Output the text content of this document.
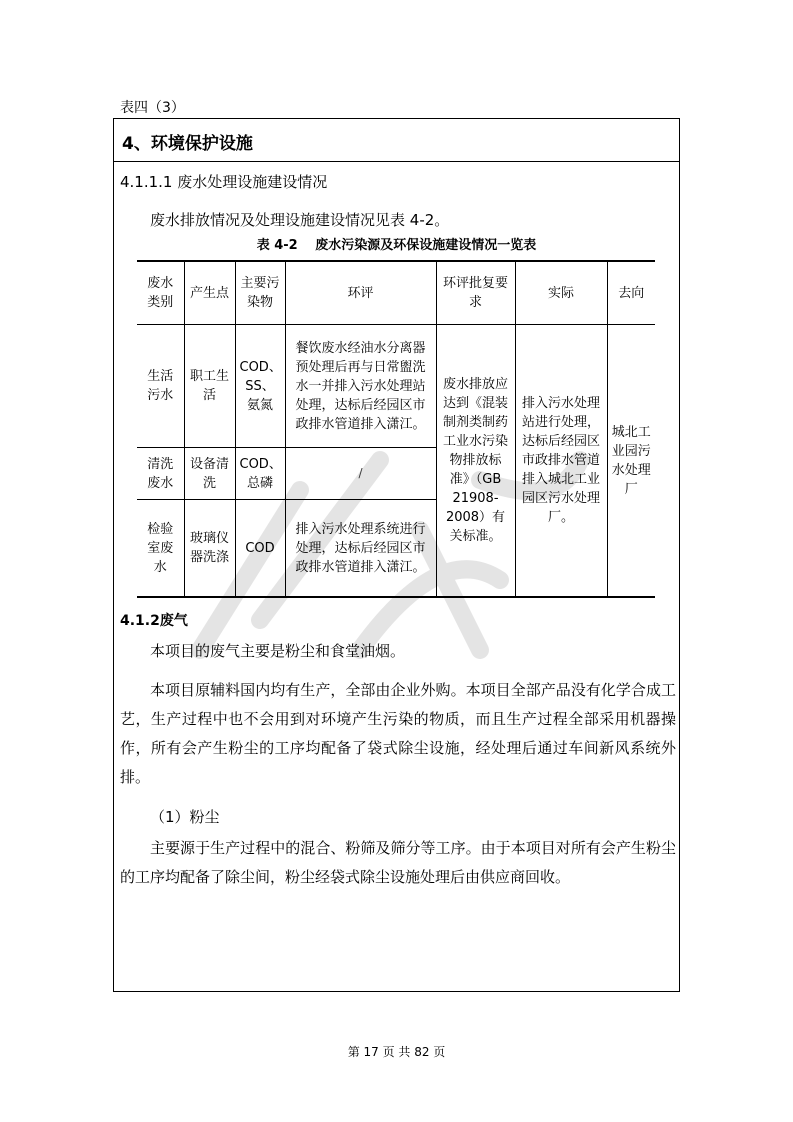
表四（3）
4、环境保护设施
4.1.1.1 废水处理设施建设情况
废水排放情况及处理设施建设情况见表 4-2。
表 4-2　 废水污染源及环保设施建设情况一览表
废水类别	产生点	主要污染物	环评	环评批复要求	实际	去向
生活污水	职工生活	COD、SS、氨氮	餐饮废水经油水分离器预处理后再与日常盥洗水一并排入污水处理站处理，达标后经园区市政排水管道排入潇江。	废水排放应达到《混装制剂类制药工业水污染物排放标准》（GB 21908-2008）有关标准。	排入污水处理站进行处理，达标后经园区市政排水管道排入城北工业园区污水处理厂。	城北工业园污水处理厂
清洗废水	设备清洗	COD、总磷	/			
检验室废水	玻璃仪器洗涤	COD	排入污水处理系统进行处理，达标后经园区市政排水管道排入潇江。			
4.1.2废气
本项目的废气主要是粉尘和食堂油烟。
本项目原辅料国内均有生产，全部由企业外购。本项目全部产品没有化学合成工艺，生产过程中也不会用到对环境产生污染的物质，而且生产过程全部采用机器操作，所有会产生粉尘的工序均配备了袋式除尘设施，经处理后通过车间新风系统外排。
（1）粉尘
主要源于生产过程中的混合、粉筛及筛分等工序。由于本项目对所有会产生粉尘的工序均配备了除尘间，粉尘经袋式除尘设施处理后由供应商回收。
第 17 页 共 82 页
